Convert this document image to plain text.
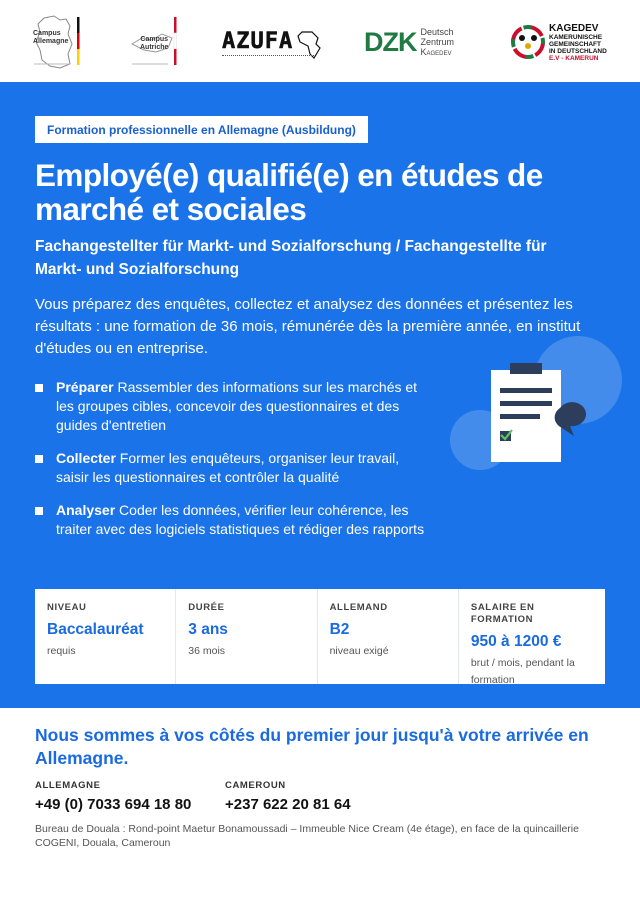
Campus
Allemagne	Campus
Autriche AZUFA	DZK Deutsch
Zentrum
Kagedev
KAGEDEV
KAMERUNISCHE
GEMEINSCHAFT
IN DEUTSCHLAND
E.V - KAMERUN
Formation professionnelle en Allemagne (Ausbildung)
Employé(e) qualifié(e) en études de marché et sociales
Fachangestellter für Markt- und Sozialforschung / Fachangestellte für Markt- und Sozialforschung

Vous préparez des enquêtes, collectez et analysez des données et présentez les résultats : une formation de 36 mois, rémunérée dès la première année, en institut d'études ou en entreprise.

Préparer Rassembler des informations sur les marchés et les groupes cibles, concevoir des questionnaires et des guides d'entretien
Collecter Former les enquêteurs, organiser leur travail, saisir les questionnaires et contrôler la qualité
Analyser Coder les données, vérifier leur cohérence, les traiter avec des logiciels statistiques et rédiger des rapports
NIVEAU
Baccalauréat
requis
DURÉE
3 ans
36 mois
ALLEMAND
B2
niveau exigé
SALAIRE EN FORMATION
950 à 1200 €
brut / mois, pendant la formation
Nous sommes à vos côtés du premier jour jusqu'à votre arrivée en Allemagne.
ALLEMAGNE
+49 (0) 7033 694 18 80
CAMEROUN
+237 622 20 81 64
Bureau de Douala : Rond-point Maetur Bonamoussadi – Immeuble Nice Cream (4e étage), en face de la quincaillerie COGENI, Douala, Cameroun
